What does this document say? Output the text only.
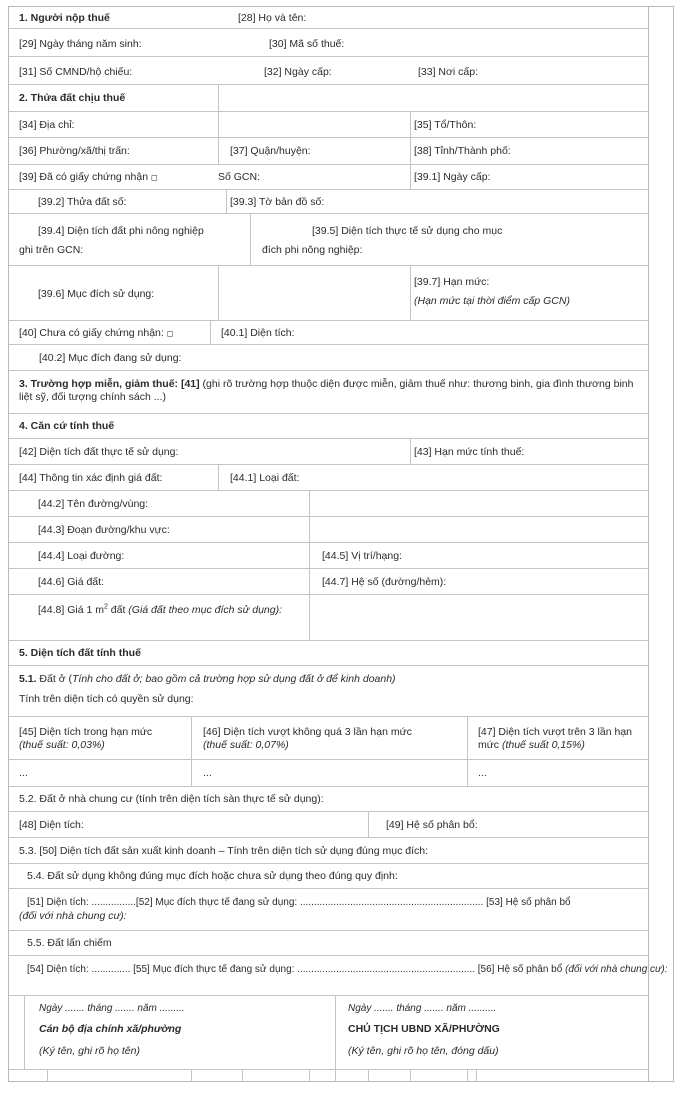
1. Người nộp thuế	[28] Họ và tên:
[29] Ngày tháng năm sinh:	[30] Mã số thuế:
[31] Số CMND/hộ chiếu:	[32] Ngày cấp:	[33] Nơi cấp:
2. Thửa đất chịu thuế
[34] Địa chỉ:	[35] Tổ/Thôn:
[36] Phường/xã/thị trấn:	[37] Quận/huyện:	[38] Tỉnh/Thành phố:
[39] Đã có giấy chứng nhận ◻	Số GCN:	[39.1] Ngày cấp:
[39.2] Thửa đất số:	[39.3] Tờ bản đồ số:
[39.4] Diện tích đất phi nông nghiệp ghi trên GCN:
[39.5] Diện tích thực tế sử dụng cho mục đích phi nông nghiệp:
[39.6] Mục đích sử dụng:
[39.7] Hạn mức:
(Hạn mức tại thời điểm cấp GCN)
[40] Chưa có giấy chứng nhận: ◻	[40.1] Diện tích:
[40.2] Mục đích đang sử dụng:
3. Trường hợp miễn, giảm thuế: [41] (ghi rõ trường hợp thuộc diện được miễn, giảm thuế như: thương binh, gia đình thương binh liệt sỹ, đối tượng chính sách ...)
4. Căn cứ tính thuế
[42] Diện tích đất thực tế sử dụng:	[43] Hạn mức tính thuế:
[44] Thông tin xác định giá đất:	[44.1] Loại đất:
[44.2] Tên đường/vùng:
[44.3] Đoạn đường/khu vực:
[44.4] Loại đường:	[44.5] Vị trí/hạng:
[44.6] Giá đất:	[44.7] Hệ số (đường/hẻm):
[44.8] Giá 1 $m^2$ đất (Giá đất theo mục đích sử dụng):
5. Diện tích đất tính thuế
5.1. Đất ở (Tính cho đất ở; bao gồm cả trường hợp sử dụng đất ở để kinh doanh)
Tính trên diện tích có quyền sử dụng:
[45] Diện tích trong hạn mức
(thuế suất: 0,03%)
[46] Diện tích vượt không quá 3 lần hạn mức
(thuế suất: 0,07%)
[47] Diện tích vượt trên 3 lần hạn mức (thuế suất 0,15%)
...	...	...
5.2. Đất ở nhà chung cư (tính trên diện tích sàn thực tế sử dụng):
[48] Diện tích:	[49] Hệ số phân bổ:
5.3. [50] Diện tích đất sản xuất kinh doanh – Tính trên diện tích sử dụng đúng mục đích:
5.4. Đất sử dụng không đúng mục đích hoặc chưa sử dụng theo đúng quy định:
[51] Diện tích: ................[52] Mục đích thực tế đang sử dụng: .................................................................. [53] Hệ số phân bổ
(đối với nhà chung cư):
5.5. Đất lấn chiếm
[54] Diện tích: .............. [55] Mục đích thực tế đang sử dụng: ................................................................ [56] Hệ số phân bổ (đối với nhà chung cư):
Ngày ....... tháng ....... năm .........
Cán bộ địa chính xã/phường
(Ký tên, ghi rõ họ tên)
Ngày ....... tháng ....... năm ..........
CHỦ TỊCH UBND XÃ/PHƯỜNG
(Ký tên, ghi rõ họ tên, đóng dấu)
